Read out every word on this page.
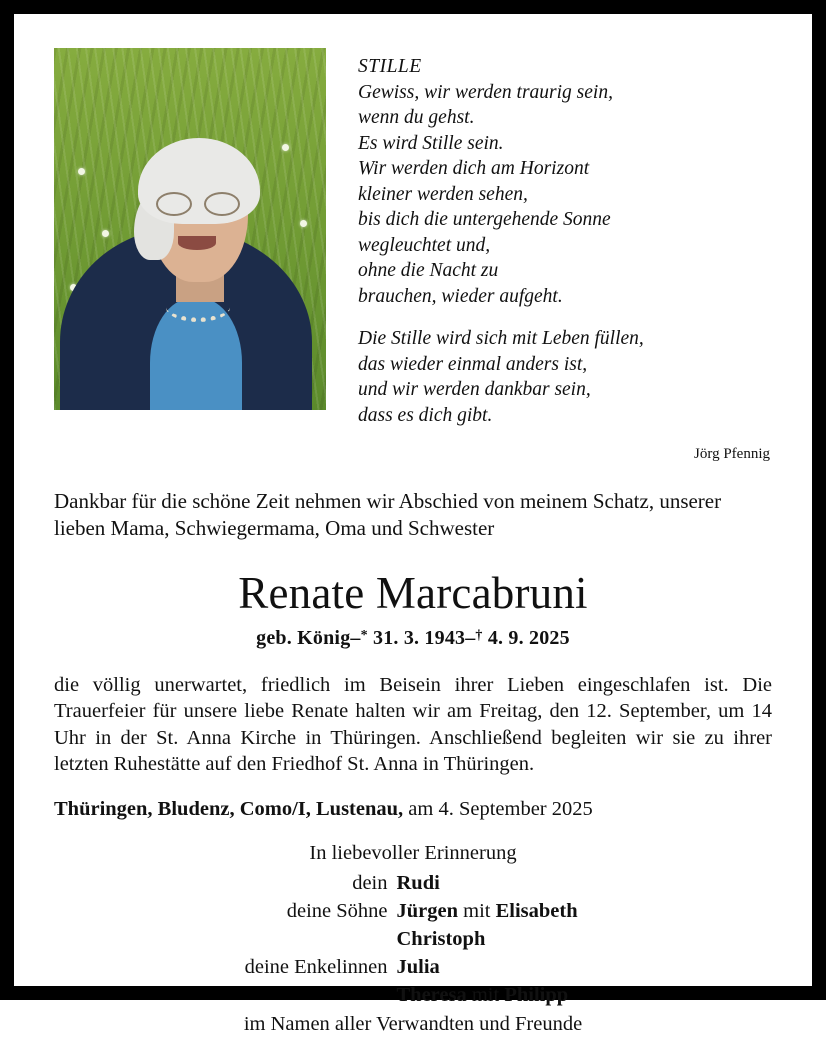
STILLE
Gewiss, wir werden traurig sein,
wenn du gehst.
Es wird Stille sein.
Wir werden dich am Horizont
kleiner werden sehen,
bis dich die untergehende Sonne
wegleuchtet und,
ohne die Nacht zu
brauchen, wieder aufgeht.
Die Stille wird sich mit Leben füllen,
das wieder einmal anders ist,
und wir werden dankbar sein,
dass es dich gibt.
Jörg Pfennig
Dankbar für die schöne Zeit nehmen wir Abschied von meinem Schatz, unserer lieben Mama, Schwiegermama, Oma und Schwester
Renate Marcabruni
geb. König–* 31. 3. 1943–† 4. 9. 2025
die völlig unerwartet, friedlich im Beisein ihrer Lieben eingeschlafen ist. Die Trauerfeier für unsere liebe Renate halten wir am Freitag, den 12. September, um 14 Uhr in der St. Anna Kirche in Thüringen. Anschließend begleiten wir sie zu ihrer letzten Ruhestätte auf den Friedhof St. Anna in Thüringen.
Thüringen, Bludenz, Como/I, Lustenau, am 4. September 2025
In liebevoller Erinnerung
dein Rudi
deine Söhne Jürgen mit Elisabeth
Christoph
deine Enkelinnen Julia
Theresa mit Philipp
im Namen aller Verwandten und Freunde
